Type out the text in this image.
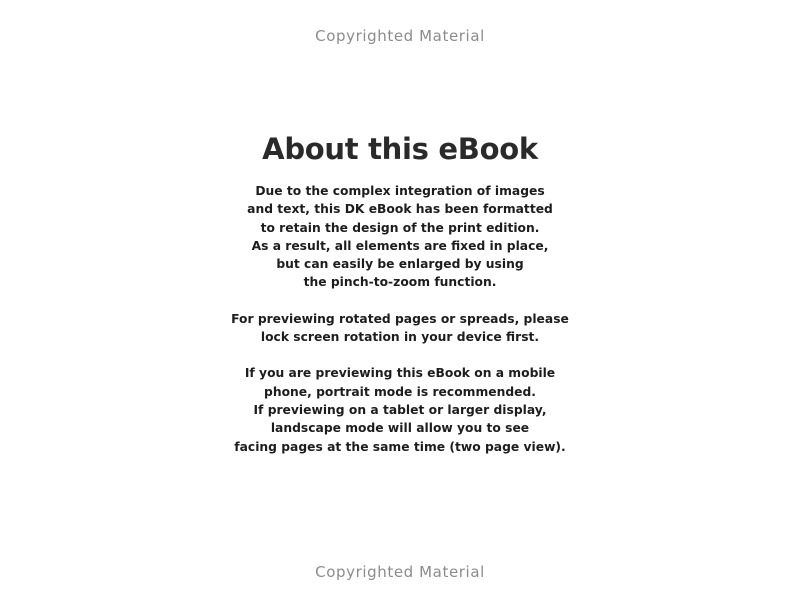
Copyrighted Material
About this eBook

Due to the complex integration of images
and text, this DK eBook has been formatted
to retain the design of the print edition.
As a result, all elements are fixed in place,
but can easily be enlarged by using
the pinch-to-zoom function.

For previewing rotated pages or spreads, please
lock screen rotation in your device first.

If you are previewing this eBook on a mobile
phone, portrait mode is recommended.
If previewing on a tablet or larger display,
landscape mode will allow you to see
facing pages at the same time (two page view).

Copyrighted Material
